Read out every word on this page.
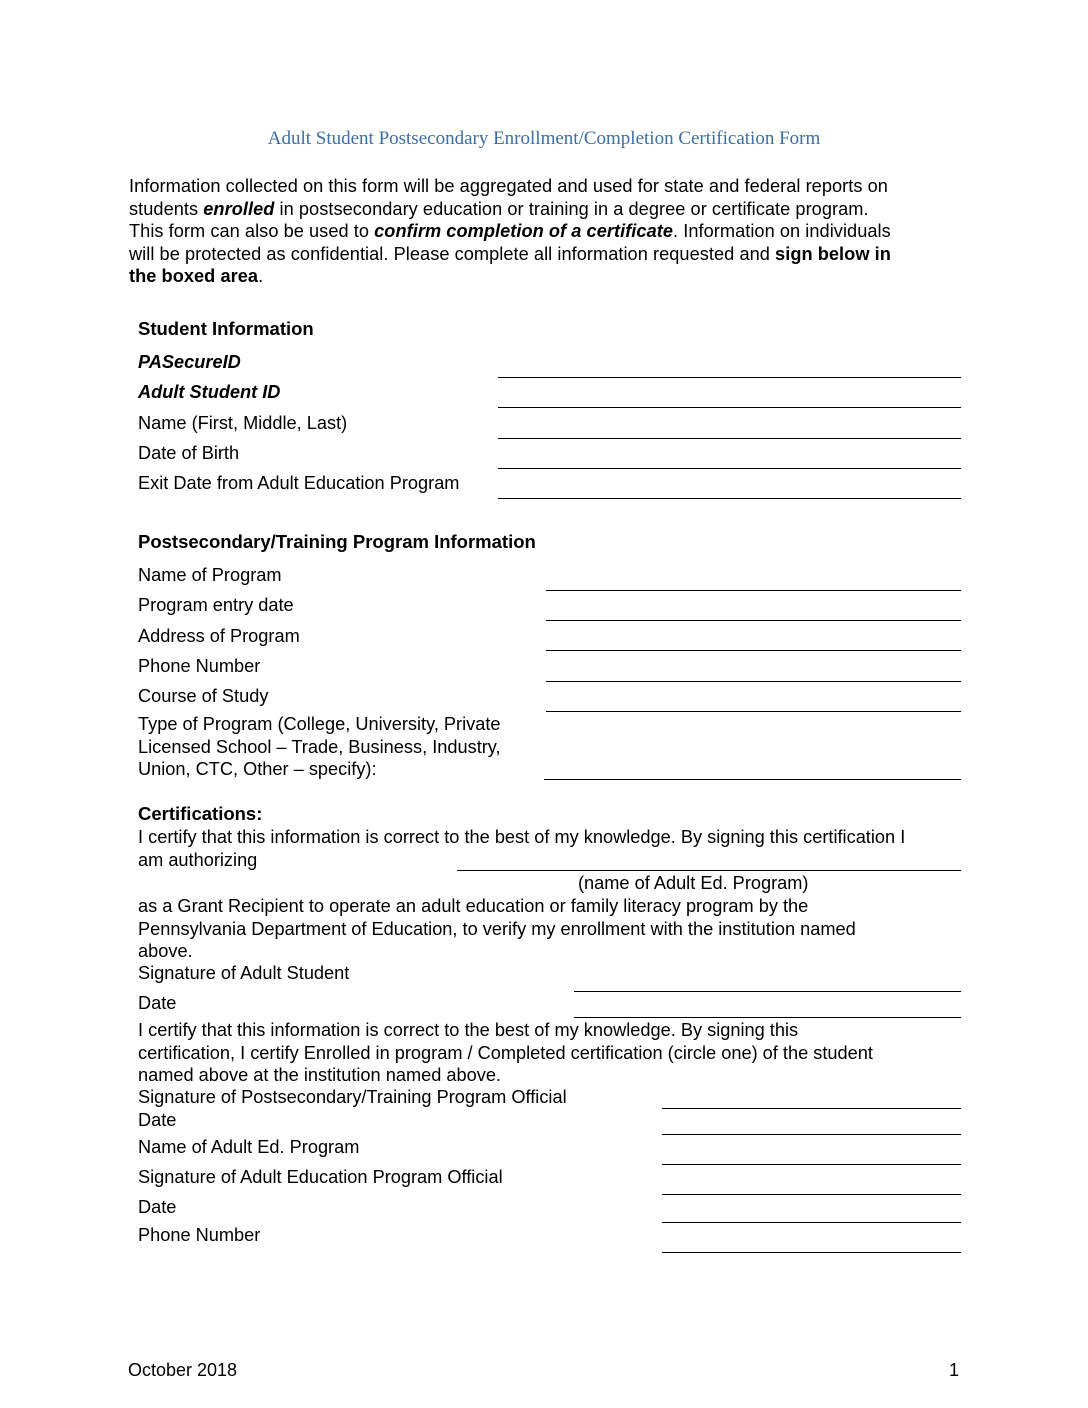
Adult Student Postsecondary Enrollment/Completion Certification Form

Information collected on this form will be aggregated and used for state and federal reports on

students enrolled in postsecondary education or training in a degree or certificate program.

This form can also be used to confirm completion of a certificate. Information on individuals

will be protected as confidential. Please complete all information requested and sign below in

the boxed area.

Student Information
PASecureID
Adult Student ID
Name (First, Middle, Last)
Date of Birth
Exit Date from Adult Education Program
Postsecondary/Training Program Information
Name of Program
Program entry date
Address of Program
Phone Number
Course of Study

Type of Program (College, University, Private

Licensed School – Trade, Business, Industry,

Union, CTC, Other – specify):

Certifications:

I certify that this information is correct to the best of my knowledge. By signing this certification I

am authorizing

(name of Adult Ed. Program)

as a Grant Recipient to operate an adult education or family literacy program by the

Pennsylvania Department of Education, to verify my enrollment with the institution named

above.

Signature of Adult Student
Date

I certify that this information is correct to the best of my knowledge. By signing this

certification, I certify Enrolled in program / Completed certification (circle one) of the student

named above at the institution named above.

Signature of Postsecondary/Training Program Official
Date
Name of Adult Ed. Program
Signature of Adult Education Program Official
Date
Phone Number
October 2018	1
